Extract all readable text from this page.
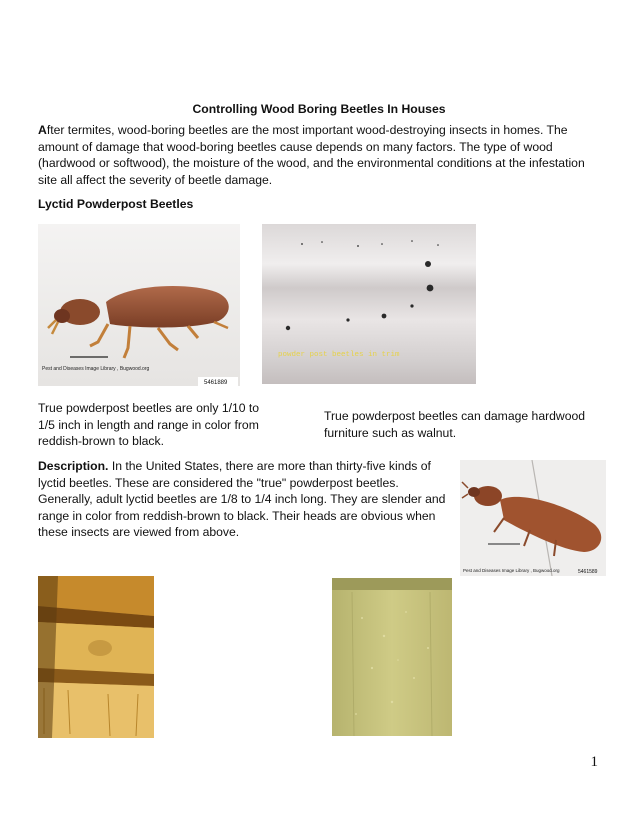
Controlling Wood Boring Beetles In Houses
After termites, wood-boring beetles are the most important wood-destroying insects in homes. The amount of damage that wood-boring beetles cause depends on many factors. The type of wood (hardwood or softwood), the moisture of the wood, and the environmental conditions at the infestation site all affect the severity of beetle damage.
Lyctid Powderpost Beetles
Pest and Diseases Image Library , Bugwood.org
5461889
powder post beetles in trim
True powderpost beetles are only 1/10 to 1/5 inch in length and range in color from reddish-brown to black.
True powderpost beetles can damage hardwood furniture such as walnut.
Description. In the United States, there are more than thirty-five kinds of lyctid beetles. These are considered the "true" powderpost beetles. Generally, adult lyctid beetles are 1/8 to 1/4 inch long. They are slender and range in color from reddish-brown to black. Their heads are obvious when these insects are viewed from above.
Pest and Diseases Image Library , Bugwood.org	5461589
1
